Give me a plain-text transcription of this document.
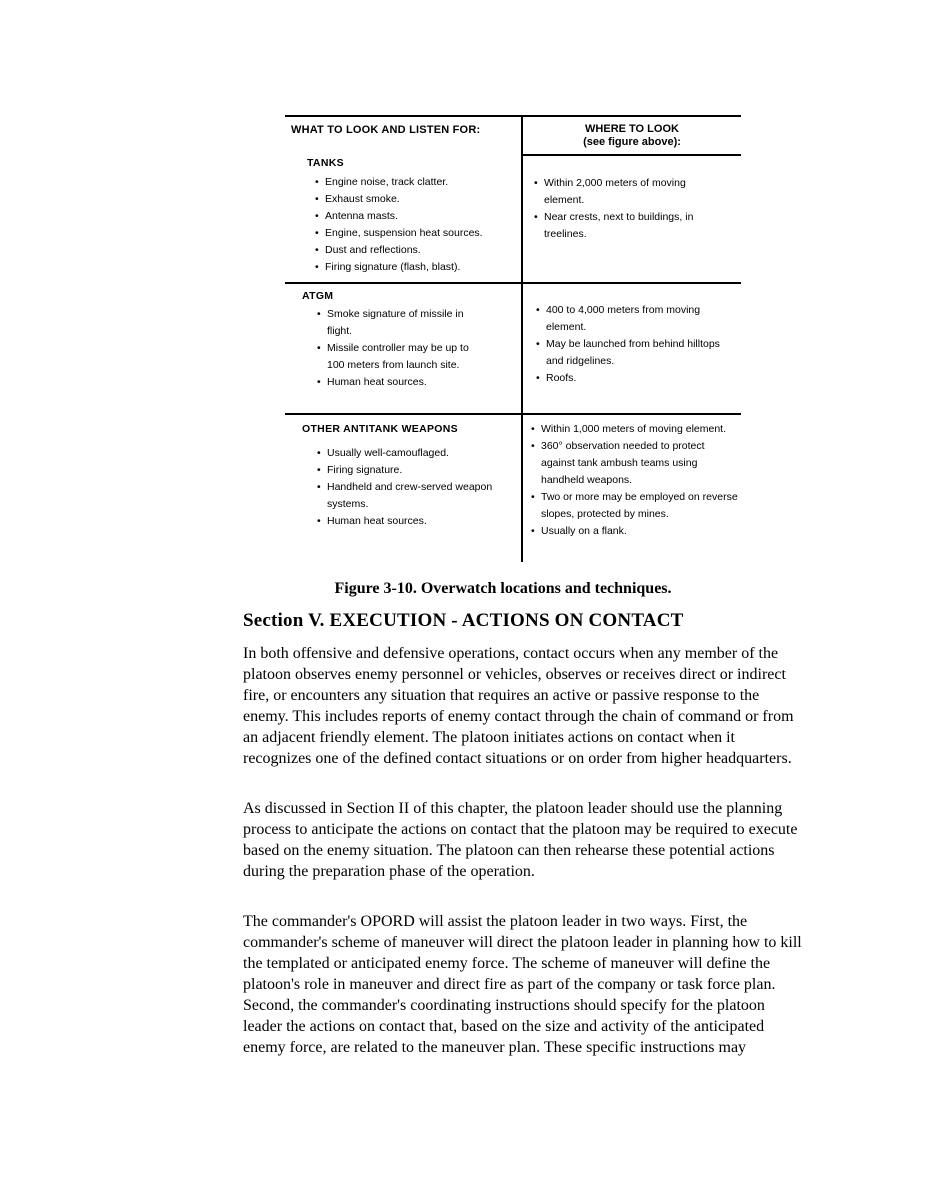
WHAT TO LOOK AND LISTEN FOR:	WHERE TO LOOK
(see figure above):
TANKS
• Engine noise, track clatter.
• Exhaust smoke.
• Antenna masts.
• Engine, suspension heat sources.
• Dust and reflections.
• Firing signature (flash, blast).
• Within 2,000 meters of moving element.
• Near crests, next to buildings, in treelines.
ATGM
• Smoke signature of missile in flight.
• Missile controller may be up to 100 meters from launch site.
• Human heat sources.
• 400 to 4,000 meters from moving element.
• May be launched from behind hilltops and ridgelines.
• Roofs.
OTHER ANTITANK WEAPONS
• Usually well-camouflaged.
• Firing signature.
• Handheld and crew-served weapon systems.
• Human heat sources.
• Within 1,000 meters of moving element.
• 360° observation needed to protect against tank ambush teams using handheld weapons.
• Two or more may be employed on reverse slopes, protected by mines.
• Usually on a flank.
Figure 3-10. Overwatch locations and techniques.
Section V. EXECUTION - ACTIONS ON CONTACT

In both offensive and defensive operations, contact occurs when any member of the platoon observes enemy personnel or vehicles, observes or receives direct or indirect fire, or encounters any situation that requires an active or passive response to the enemy. This includes reports of enemy contact through the chain of command or from an adjacent friendly element. The platoon initiates actions on contact when it recognizes one of the defined contact situations or on order from higher headquarters.

As discussed in Section II of this chapter, the platoon leader should use the planning process to anticipate the actions on contact that the platoon may be required to execute based on the enemy situation. The platoon can then rehearse these potential actions during the preparation phase of the operation.

The commander's OPORD will assist the platoon leader in two ways. First, the commander's scheme of maneuver will direct the platoon leader in planning how to kill the templated or anticipated enemy force. The scheme of maneuver will define the platoon's role in maneuver and direct fire as part of the company or task force plan. Second, the commander's coordinating instructions should specify for the platoon leader the actions on contact that, based on the size and activity of the anticipated enemy force, are related to the maneuver plan. These specific instructions may
